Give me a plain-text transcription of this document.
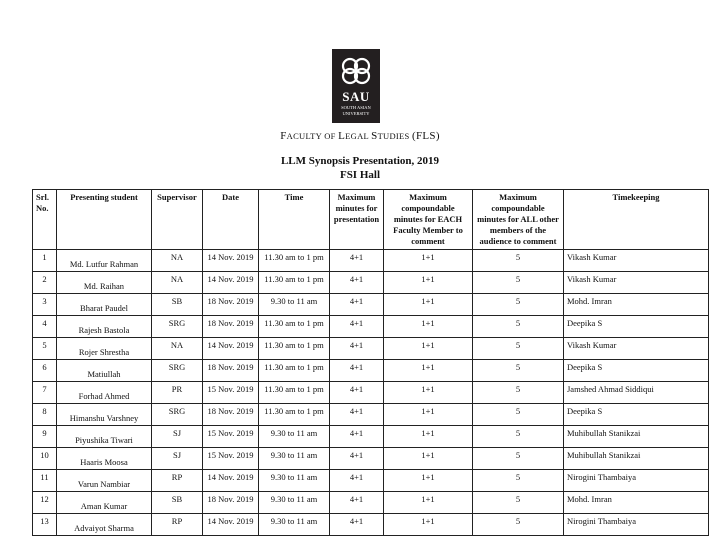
SAU
SOUTH ASIAN
UNIVERSITY
FACULTY OF LEGAL STUDIES (FLS)
LLM Synopsis Presentation, 2019
FSI Hall
Srl. No.	Presenting student	Supervisor	Date	Time	Maximum minutes for presentation	Maximum compoundable minutes for EACH Faculty Member to comment	Maximum compoundable minutes for ALL other members of the audience to comment	Timekeeping
1	Md. Lutfur Rahman	NA	14 Nov. 2019	11.30 am to 1 pm	4+1	1+1	5	Vikash Kumar
2	Md. Raihan	NA	14 Nov. 2019	11.30 am to 1 pm	4+1	1+1	5	Vikash Kumar
3	Bharat Paudel	SB	18 Nov. 2019	9.30 to 11 am	4+1	1+1	5	Mohd. Imran
4	Rajesh Bastola	SRG	18 Nov. 2019	11.30 am to 1 pm	4+1	1+1	5	Deepika S
5	Rojer Shrestha	NA	14 Nov. 2019	11.30 am to 1 pm	4+1	1+1	5	Vikash Kumar
6	Matiullah	SRG	18 Nov. 2019	11.30 am to 1 pm	4+1	1+1	5	Deepika S
7	Forhad Ahmed	PR	15 Nov. 2019	11.30 am to 1 pm	4+1	1+1	5	Jamshed Ahmad Siddiqui
8	Himanshu Varshney	SRG	18 Nov. 2019	11.30 am to 1 pm	4+1	1+1	5	Deepika S
9	Piyushika Tiwari	SJ	15 Nov. 2019	9.30 to 11 am	4+1	1+1	5	Muhibullah Stanikzai
10	Haaris Moosa	SJ	15 Nov. 2019	9.30 to 11 am	4+1	1+1	5	Muhibullah Stanikzai
11	Varun Nambiar	RP	14 Nov. 2019	9.30 to 11 am	4+1	1+1	5	Nirogini Thambaiya
12	Aman Kumar	SB	18 Nov. 2019	9.30 to 11 am	4+1	1+1	5	Mohd. Imran
13	Advaiyot Sharma	RP	14 Nov. 2019	9.30 to 11 am	4+1	1+1	5	Nirogini Thambaiya
